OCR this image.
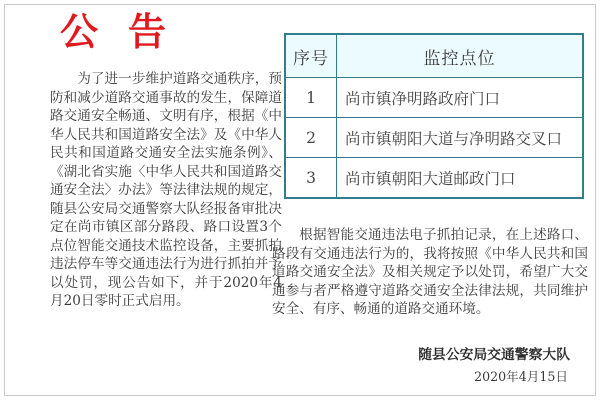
公告

为了进一步维护道路交通秩序，预防和减少道路交通事故的发生，保障道路交通安全畅通、文明有序，根据《中华人民共和国道路安全法》及《中华人民共和国道路交通安全法实施条例》、《湖北省实施〈中华人民共和国道路交通安全法〉办法》等法律法规的规定，随县公安局交通警察大队经报备审批决定在尚市镇区部分路段、路口设置3个点位智能交通技术监控设备，主要抓拍违法停车等交通违法行为进行抓拍并予以处罚，现公告如下，并于2020年4月20日零时正式启用。

序号	监控点位
1	尚市镇净明路政府门口
2	尚市镇朝阳大道与净明路交叉口
3	尚市镇朝阳大道邮政门口

根据智能交通违法电子抓拍记录，在上述路口、路段有交通违法行为的，我将按照《中华人民共和国道路交通安全法》及相关规定予以处罚，希望广大交通参与者严格遵守道路交通安全法律法规，共同维护安全、有序、畅通的道路交通环境。

随县公安局交通警察大队
2020年4月15日
